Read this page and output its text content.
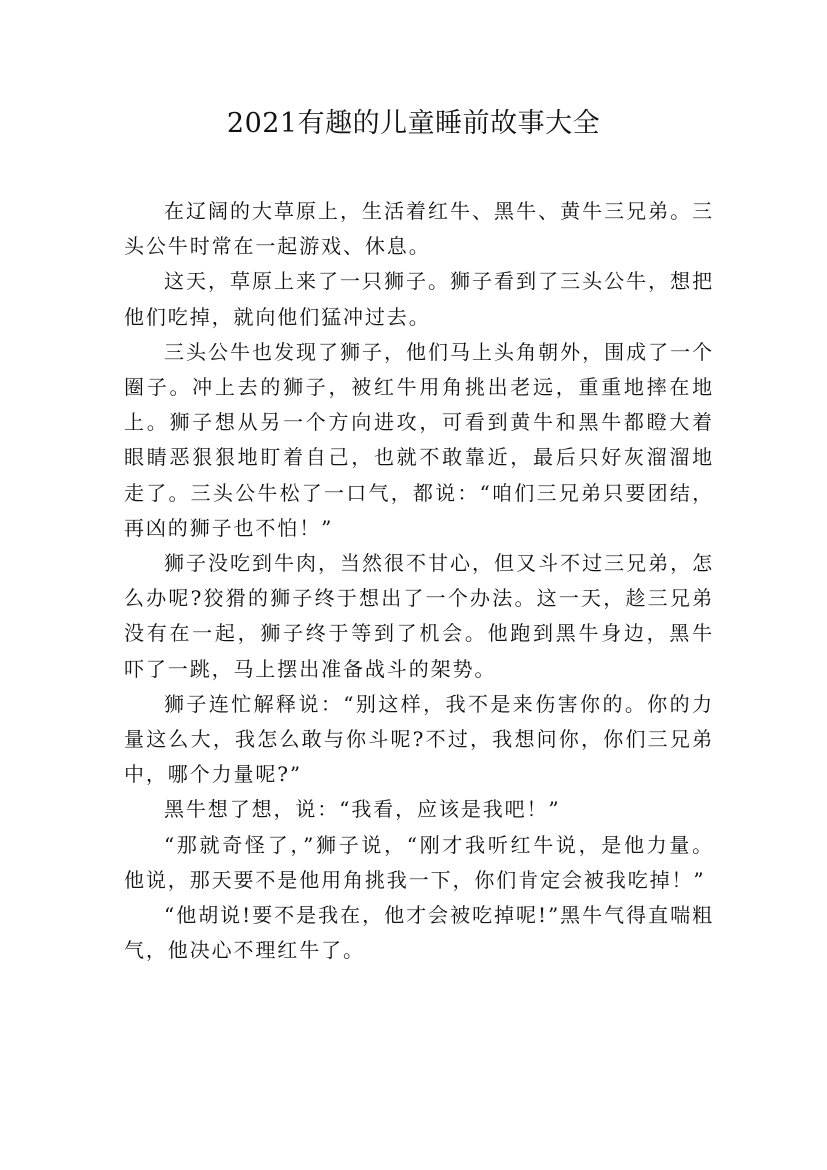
2021有趣的儿童睡前故事大全

在辽阔的大草原上，生活着红牛、黑牛、黄牛三兄弟。三头公牛时常在一起游戏、休息。

这天，草原上来了一只狮子。狮子看到了三头公牛，想把他们吃掉，就向他们猛冲过去。

三头公牛也发现了狮子，他们马上头角朝外，围成了一个圈子。冲上去的狮子，被红牛用角挑出老远，重重地摔在地上。狮子想从另一个方向进攻，可看到黄牛和黑牛都瞪大着眼睛恶狠狠地盯着自己，也就不敢靠近，最后只好灰溜溜地走了。三头公牛松了一口气，都说：“咱们三兄弟只要团结，再凶的狮子也不怕！”

狮子没吃到牛肉，当然很不甘心，但又斗不过三兄弟，怎么办呢?狡猾的狮子终于想出了一个办法。这一天，趁三兄弟没有在一起，狮子终于等到了机会。他跑到黑牛身边，黑牛吓了一跳，马上摆出准备战斗的架势。

狮子连忙解释说：“别这样，我不是来伤害你的。你的力量这么大，我怎么敢与你斗呢?不过，我想问你，你们三兄弟中，哪个力量呢?”

黑牛想了想，说：“我看，应该是我吧！”

“那就奇怪了，”狮子说，“刚才我听红牛说，是他力量。他说，那天要不是他用角挑我一下，你们肯定会被我吃掉！”

“他胡说!要不是我在，他才会被吃掉呢!”黑牛气得直喘粗气，他决心不理红牛了。
